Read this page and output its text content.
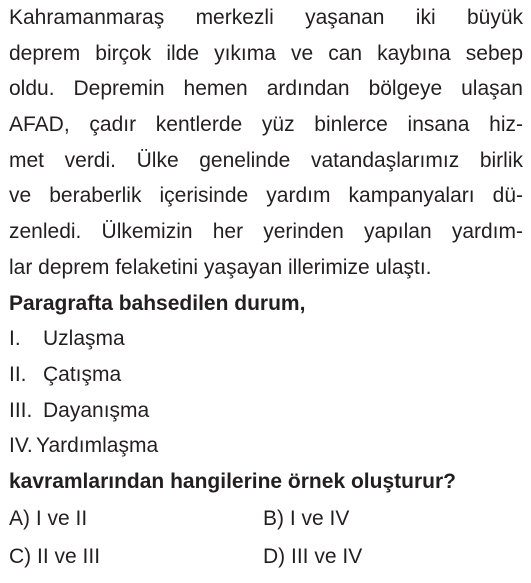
Kahramanmaraş merkezli yaşanan iki büyük
deprem birçok ilde yıkıma ve can kaybına sebep
oldu. Depremin hemen ardından bölgeye ulaşan
AFAD, çadır kentlerde yüz binlerce insana hiz-
met verdi. Ülke genelinde vatandaşlarımız birlik
ve beraberlik içerisinde yardım kampanyaları dü-
zenledi. Ülkemizin her yerinden yapılan yardım-
lar deprem felaketini yaşayan illerimize ulaştı.
Paragrafta bahsedilen durum,
I. Uzlaşma
II. Çatışma
III. Dayanışma
IV. Yardımlaşma
kavramlarından hangilerine örnek oluşturur?
A) I ve II	B) I ve IV
C) II ve III	D) III ve IV
